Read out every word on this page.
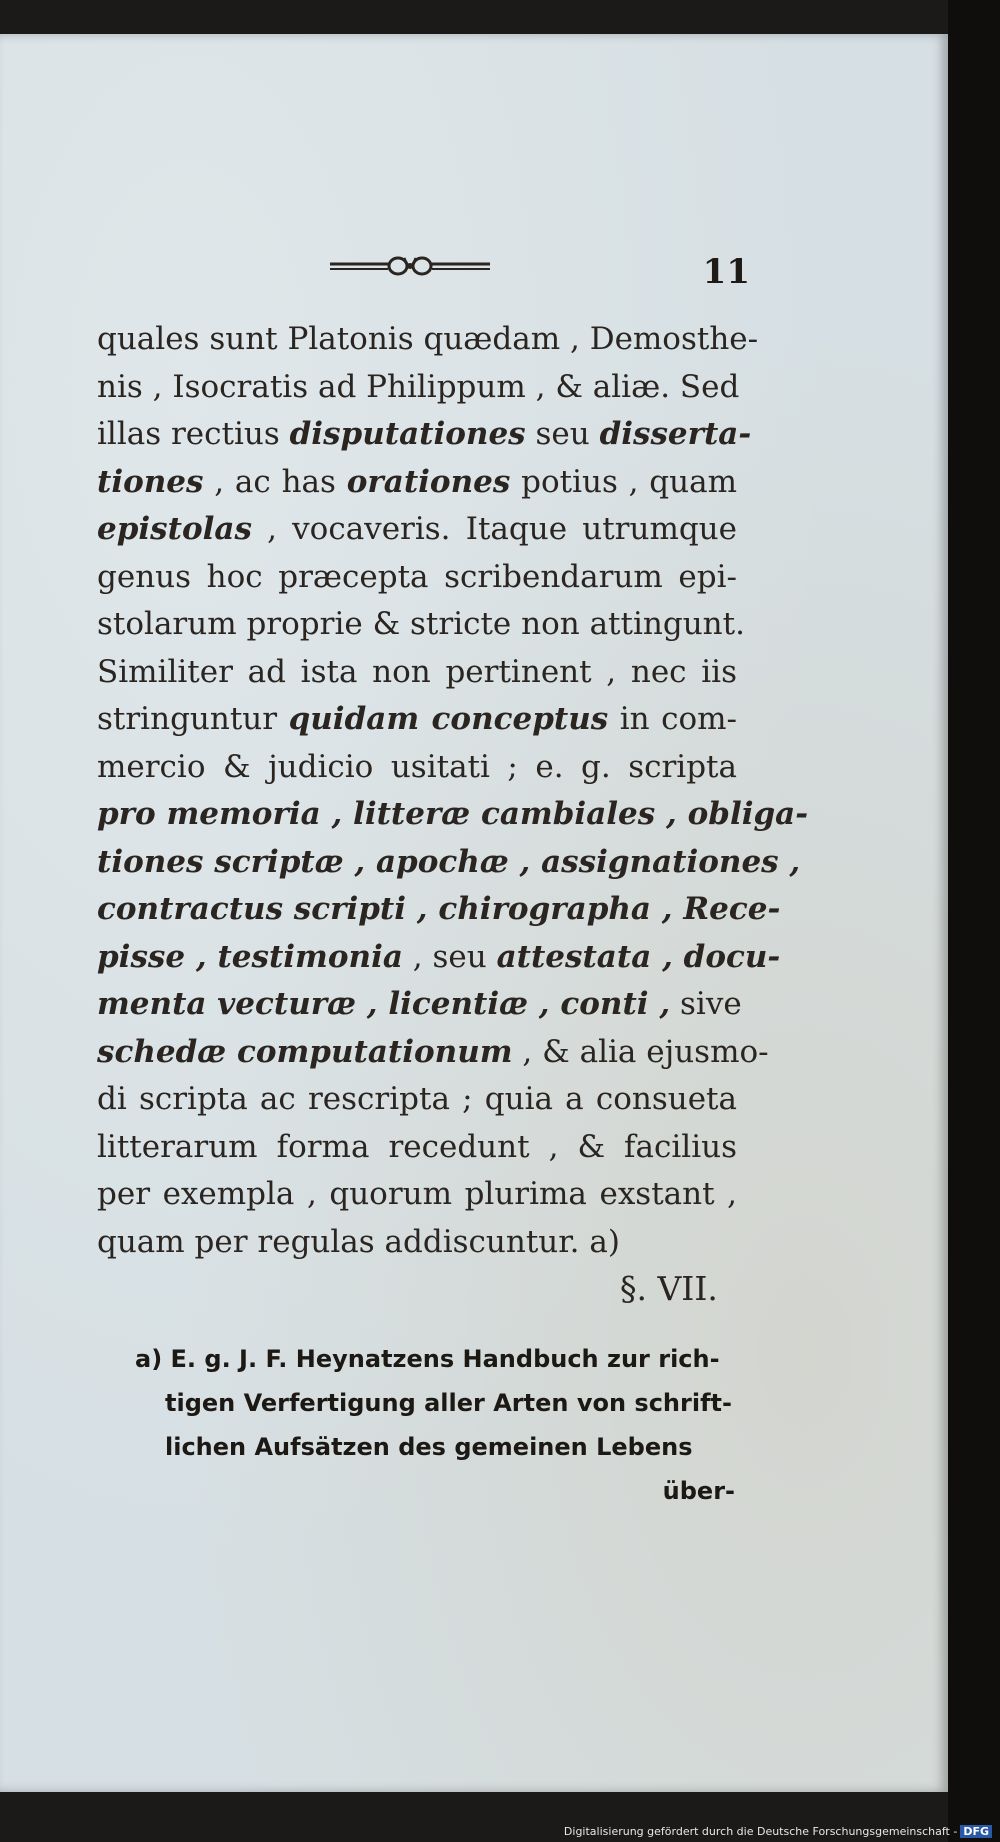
11
quales sunt Platonis quædam , Demosthe-
nis , Isocratis ad Philippum , & aliæ. Sed
illas rectius disputationes seu disserta-
tiones , ac has orationes potius , quam
epistolas , vocaveris. Itaque utrumque
genus hoc præcepta scribendarum epi-
stolarum proprie & stricte non attingunt.
Similiter ad ista non pertinent , nec iis
stringuntur quidam conceptus in com-
mercio & judicio usitati ; e. g. scripta
pro memoria , litteræ cambiales , obliga-
tiones scriptæ , apochæ , assignationes ,
contractus scripti , chirographa , Rece-
pisse , testimonia , seu attestata , docu-
menta vecturæ , licentiæ , conti , sive
schedæ computationum , & alia ejusmo-
di scripta ac rescripta ; quia a consueta
litterarum forma recedunt , & facilius
per exempla , quorum plurima exstant ,
quam per regulas addiscuntur. a)
§. VII.
a) E. g. J. F. Heynatzens Handbuch zur rich-
tigen Verfertigung aller Arten von schrift-
lichen Aufsätzen des gemeinen Lebens
über-
Digitalisierung gefördert durch die Deutsche Forschungsgemeinschaft - DFG
